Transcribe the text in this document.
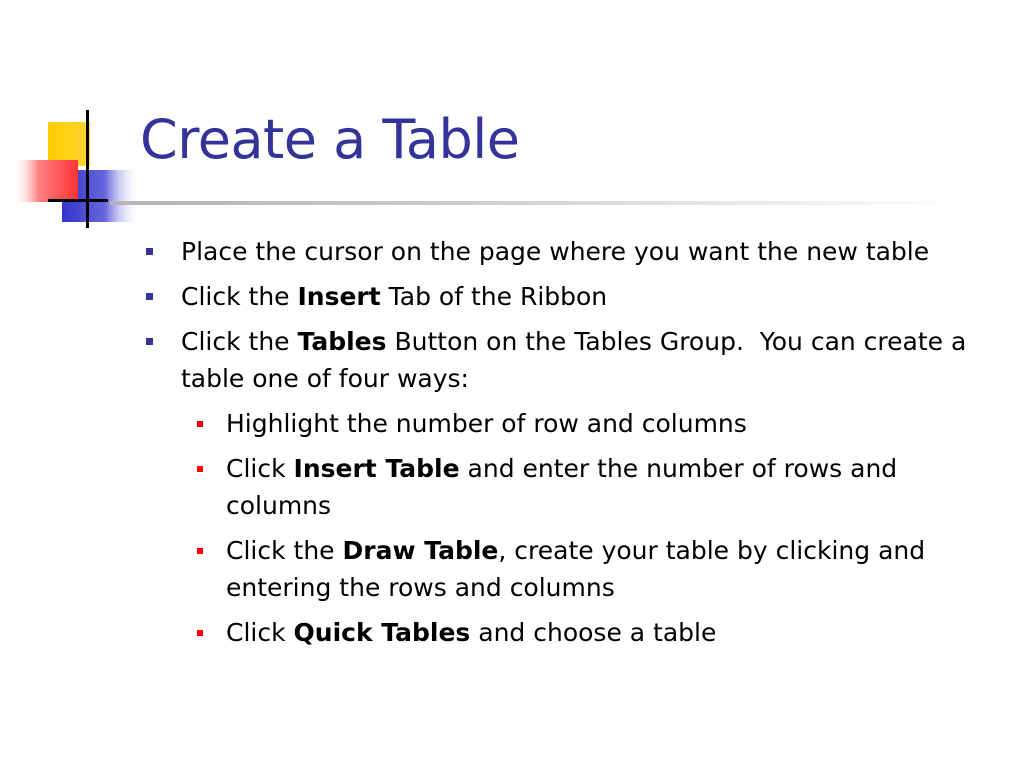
Create a Table
Place the cursor on the page where you want the new table
Click the Insert Tab of the Ribbon
Click the Tables Button on the Tables Group.  You can create a table one of four ways:
Highlight the number of row and columns
Click Insert Table and enter the number of rows and columns
Click the Draw Table, create your table by clicking and entering the rows and columns
Click Quick Tables and choose a table
